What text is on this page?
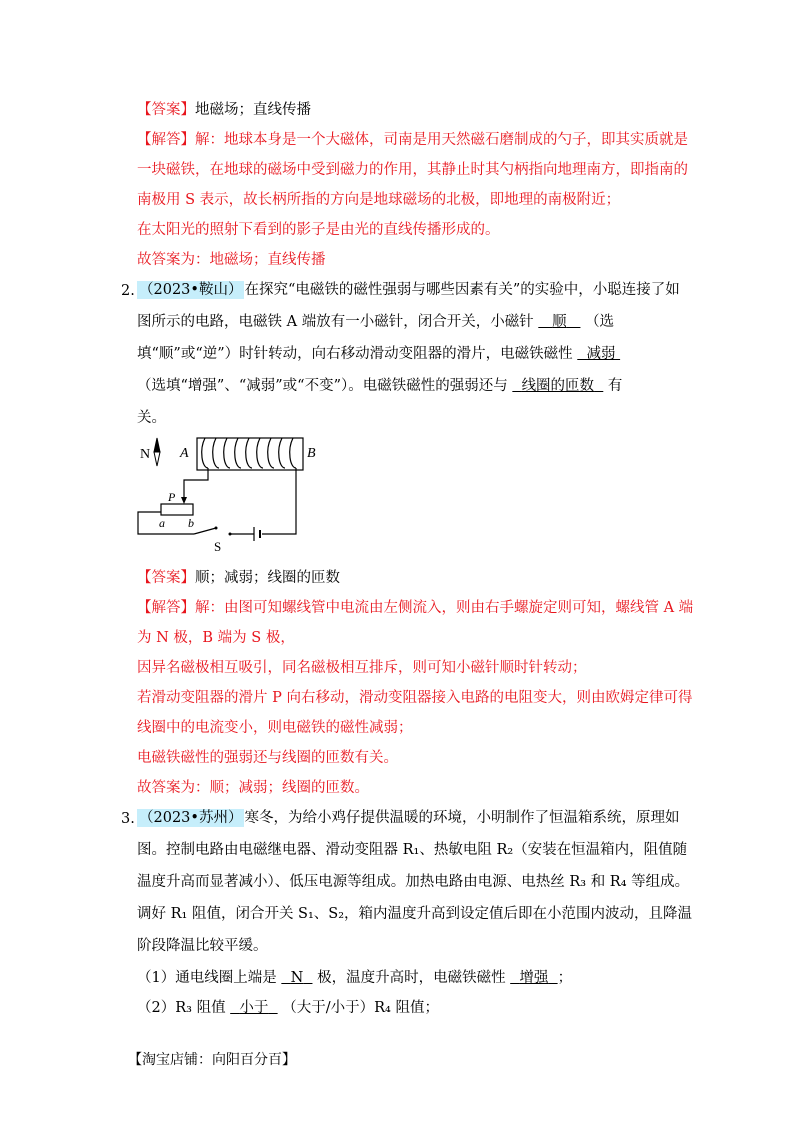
【答案】地磁场；直线传播
【解答】解：地球本身是一个大磁体，司南是用天然磁石磨制成的勺子，即其实质就是
一块磁铁，在地球的磁场中受到磁力的作用，其静止时其勺柄指向地理南方，即指南的
南极用 S 表示，故长柄所指的方向是地球磁场的北极，即地理的南极附近；
在太阳光的照射下看到的影子是由光的直线传播形成的。
故答案为：地磁场；直线传播
2. （2023•鞍山） 在探究“电磁铁的磁性强弱与哪些因素有关”的实验中，小聪连接了如
图所示的电路，电磁铁 A 端放有一小磁针，闭合开关，小磁针 顺 （选
填“顺”或“逆”）时针转动，向右移动滑动变阻器的滑片，电磁铁磁性 减弱
（选填“增强”、“减弱”或“不变”）。电磁铁磁性的强弱还与 线圈的匝数 有
关。
N A	B
P
a b
S
【答案】顺；减弱；线圈的匝数
【解答】解：由图可知螺线管中电流由左侧流入，则由右手螺旋定则可知，螺线管 A 端
为 N 极，B 端为 S 极，
因异名磁极相互吸引，同名磁极相互排斥，则可知小磁针顺时针转动；
若滑动变阻器的滑片 P 向右移动，滑动变阻器接入电路的电阻变大，则由欧姆定律可得
线圈中的电流变小，则电磁铁的磁性减弱；
电磁铁磁性的强弱还与线圈的匝数有关。
故答案为：顺；减弱；线圈的匝数。
3. （2023•苏州） 寒冬，为给小鸡仔提供温暖的环境，小明制作了恒温箱系统，原理如
图。控制电路由电磁继电器、滑动变阻器 R₁、热敏电阻 R₂（安装在恒温箱内，阻值随
温度升高而显著减小）、低压电源等组成。加热电路由电源、电热丝 R₃ 和 R₄ 等组成。
调好 R₁ 阻值，闭合开关 S₁、S₂，箱内温度升高到设定值后即在小范围内波动，且降温
阶段降温比较平缓。
（1）通电线圈上端是 N 极，温度升高时，电磁铁磁性 增强 ；
（2）R₃ 阻值 小于 （大于/小于）R₄ 阻值；
【淘宝店铺：向阳百分百】
